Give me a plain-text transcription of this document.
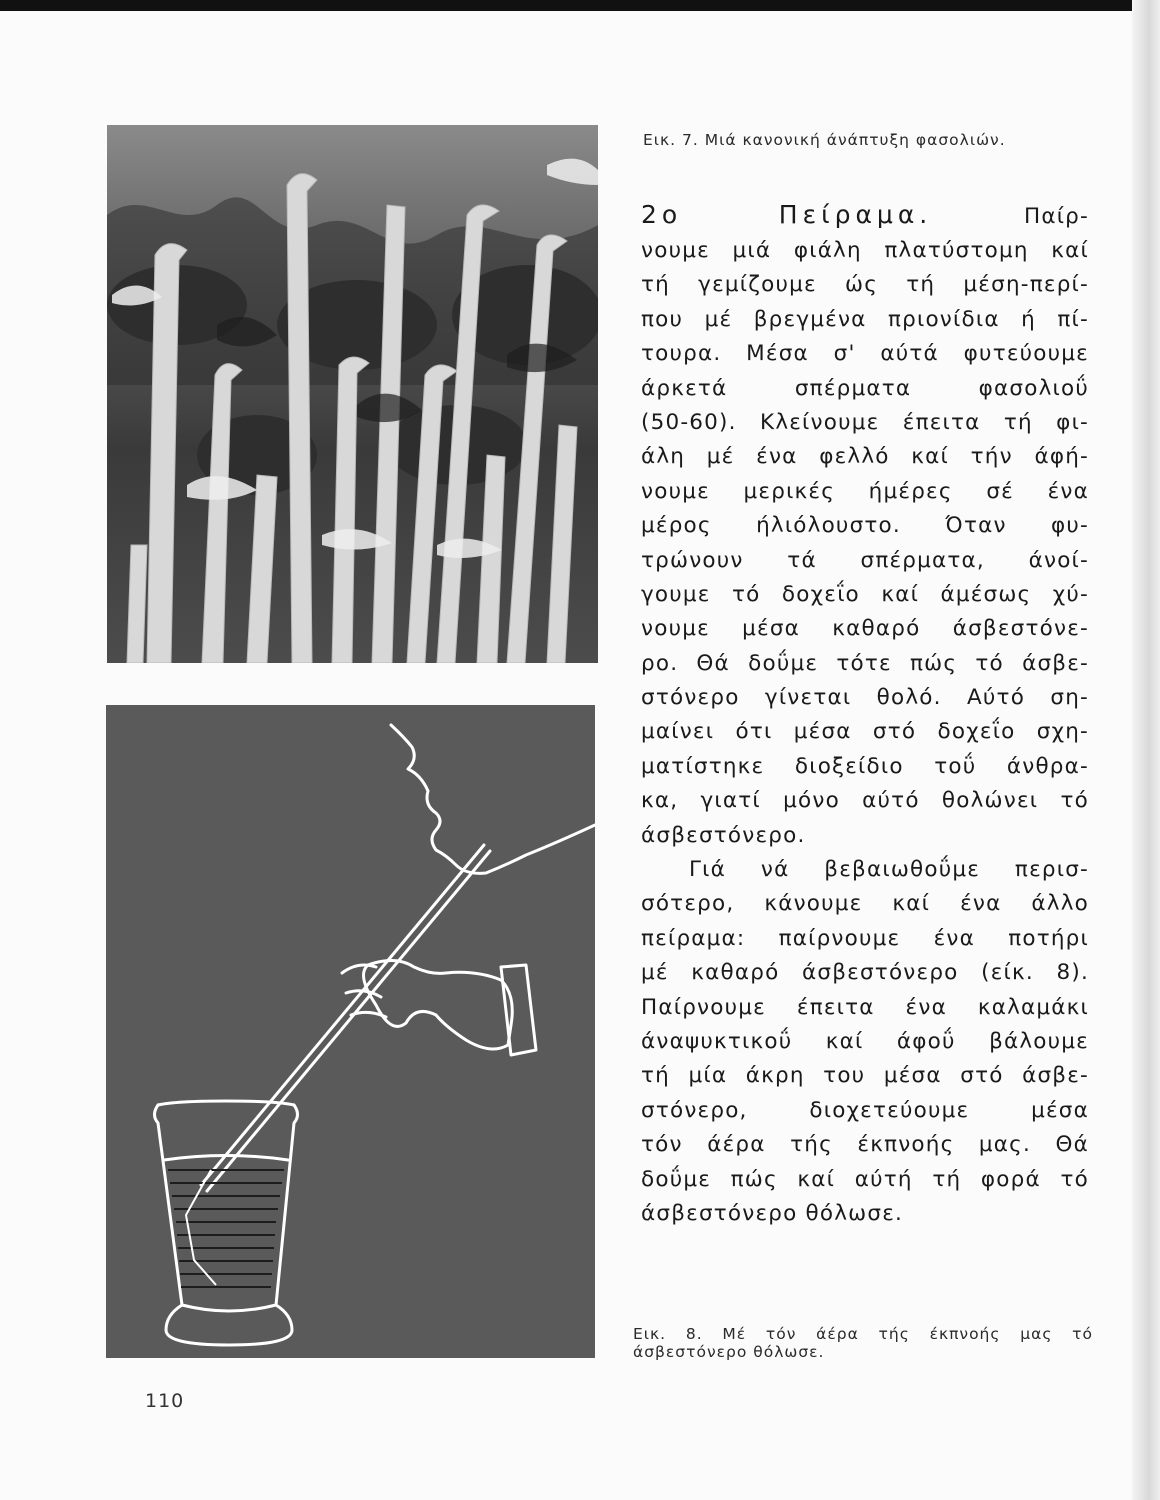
Εικ. 7. Μιά κανονική άνάπτυξη φασολιών.
2ο Πείραμα.	Παίρ-
νουμε μιά φιάλη πλατύστομη καί
τή γεμίζουμε ώς τή μέση-περί-
που μέ βρεγμένα πριονίδια ή πί-
τουρα. Μέσα σ' αύτά φυτεύουμε
άρκετά σπέρματα φασολιοΰ
(50-60). Κλείνουμε έπειτα τή φι-
άλη μέ ένα φελλό καί τήν άφή-
νουμε μερικές ήμέρες σέ ένα
μέρος ήλιόλουστο. Όταν φυ-
τρώνουν τά σπέρματα, άνοί-
γουμε τό δοχεΐο καί άμέσως χύ-
νουμε μέσα καθαρό άσβεστόνε-
ρο. Θά δοΰμε τότε πώς τό άσβε-
στόνερο γίνεται θολό. Αύτό ση-
μαίνει ότι μέσα στό δοχεΐο σχη-
ματίστηκε διοξείδιο τοΰ άνθρα-
κα, γιατί μόνο αύτό θολώνει τό
άσβεστόνερο.
Γιά νά βεβαιωθοΰμε περισ-
σότερο, κάνουμε καί ένα άλλο
πείραμα: παίρνουμε ένα ποτήρι
μέ καθαρό άσβεστόνερο (είκ. 8).
Παίρνουμε έπειτα ένα καλαμάκι
άναψυκτικοΰ καί άφοΰ βάλουμε
τή μία άκρη του μέσα στό άσβε-
στόνερο, διοχετεύουμε μέσα
τόν άέρα τής έκπνοής μας. Θά
δοΰμε πώς καί αύτή τή φορά τό
άσβεστόνερο θόλωσε.
Εικ. 8. Μέ τόν άέρα τής έκπνοής μας τό
άσβεστόνερο θόλωσε.
110
